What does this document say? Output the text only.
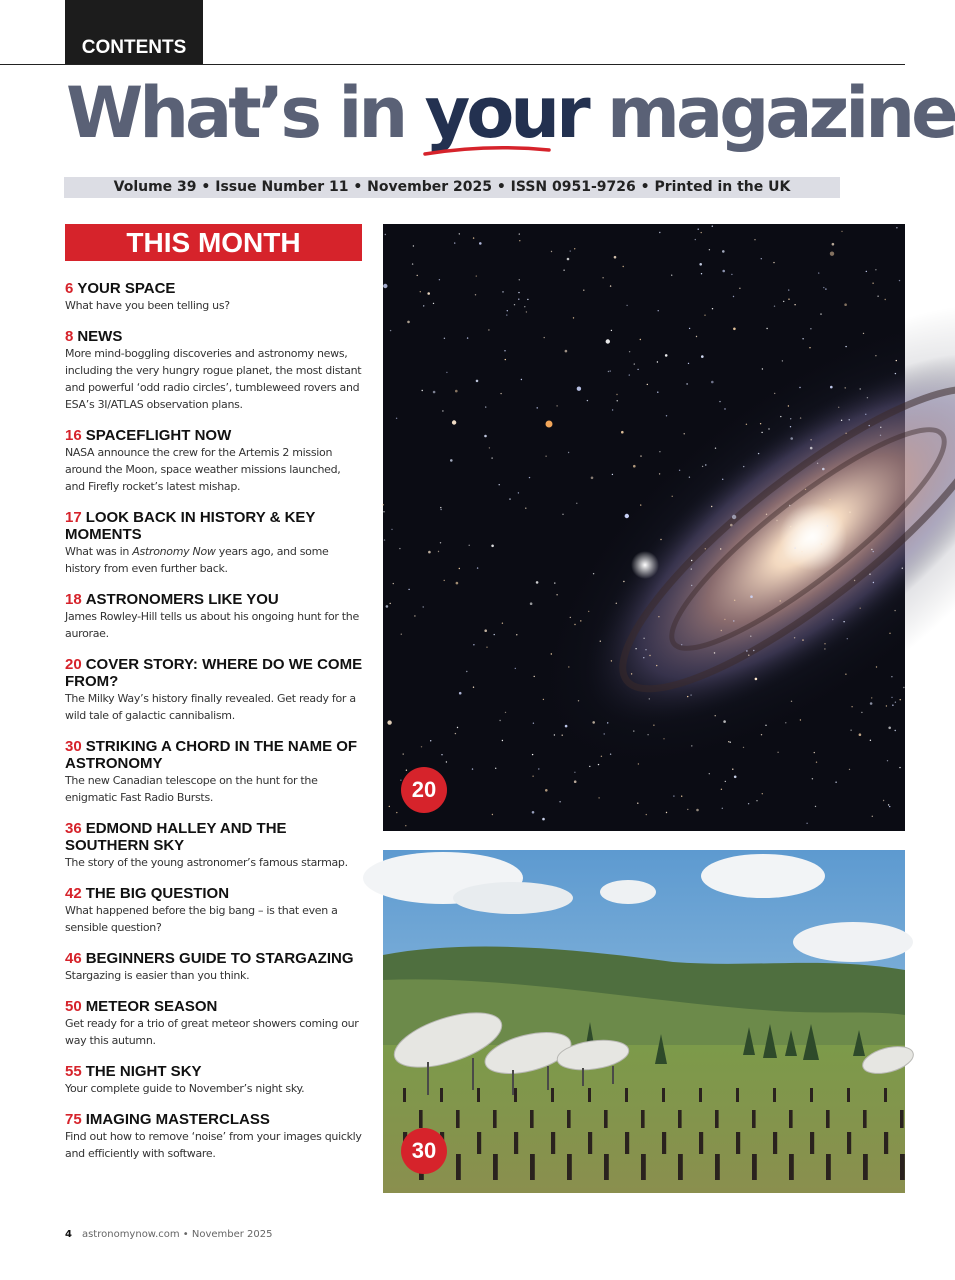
CONTENTS
What’s in your
magazine
Volume 39 • Issue Number 11 • November 2025 • ISSN 0951-9726 • Printed in the UK
THIS MONTH
6 YOUR SPACE
What have you been telling us?
8 NEWS
More mind-boggling discoveries and astronomy news, including the very hungry rogue planet, the most distant and powerful ‘odd radio circles’, tumbleweed rovers and ESA’s 3I/ATLAS observation plans.
16 SPACEFLIGHT NOW
NASA announce the crew for the Artemis 2 mission around the Moon, space weather missions launched, and Firefly rocket’s latest mishap.
17 LOOK BACK IN HISTORY & KEY MOMENTS
What was in Astronomy Now years ago, and some history from even further back.
18 ASTRONOMERS LIKE YOU
James Rowley-Hill tells us about his ongoing hunt for the aurorae.
20 COVER STORY: WHERE DO WE COME FROM?
The Milky Way’s history finally revealed. Get ready for a wild tale of galactic cannibalism.
30 STRIKING A CHORD IN THE NAME OF ASTRONOMY
The new Canadian telescope on the hunt for the enigmatic Fast Radio Bursts.
36 EDMOND HALLEY AND THE SOUTHERN SKY
The story of the young astronomer’s famous starmap.
42 THE BIG QUESTION
What happened before the big bang – is that even a sensible question?
46 BEGINNERS GUIDE TO STARGAZING
Stargazing is easier than you think.
50 METEOR SEASON
Get ready for a trio of great meteor showers coming our way this autumn.
55 THE NIGHT SKY
Your complete guide to November’s night sky.
75 IMAGING MASTERCLASS
Find out how to remove ‘noise’ from your images quickly and efficiently with software.
20
30
4 astronomynow.com • November 2025
